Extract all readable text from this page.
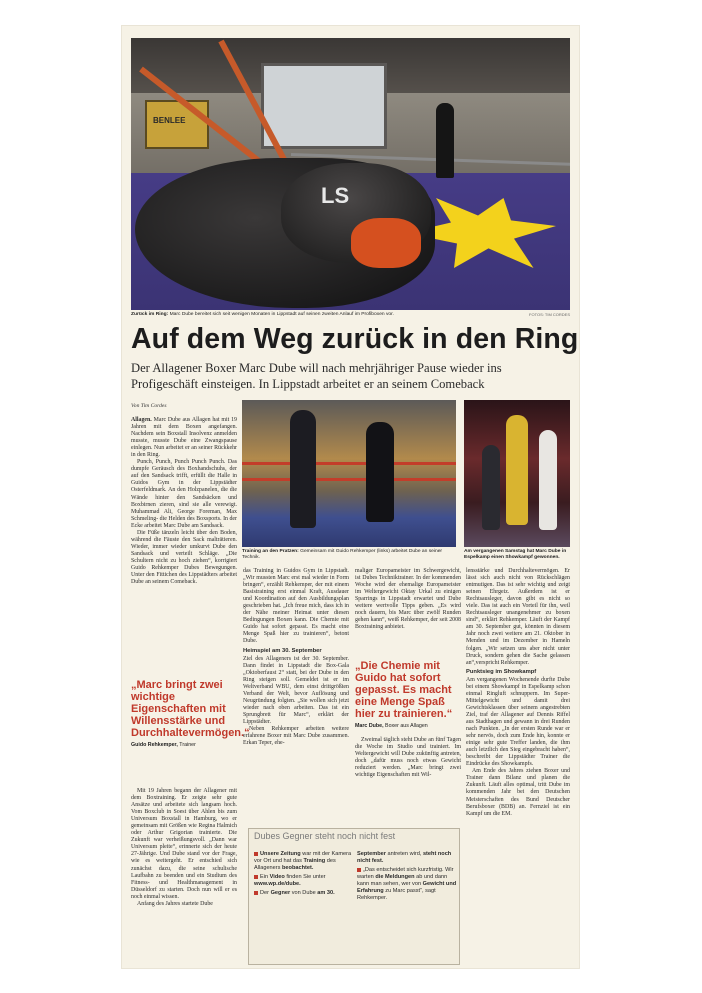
BENLEE
LS
Zurück im Ring: Marc Dube bereitet sich seit wenigen Monaten in Lippstadt auf seinen zweiten Anlauf im Profiboxen vor.	FOTOS: TIM CORDES
Auf dem Weg zurück in den Ring
Der Allagener Boxer Marc Dube will nach mehrjähriger Pause wieder ins Profigeschäft einsteigen. In Lippstadt arbeitet er an seinem Comeback
Von Tim Cordes

Allagen. Marc Dube aus Allagen hat mit 19 Jahren mit dem Boxen angefangen. Nachdem sein Boxstall Insolvenz anmelden musste, musste Dube eine Zwangspause einlegen. Nun arbeitet er an seiner Rückkehr in den Ring.

Punch, Punch, Punch Punch Punch. Das dumpfe Geräusch des Boxhandschuhs, der auf den Sandsack trifft, erfüllt die Halle in Guidos Gym in der Lippstädter Osterfeldmark. An den Holzpanelen, die die Wände hinter den Sandsäcken und Boxbirnen zieren, sind sie alle verewigt. Muhammad Ali, George Foreman, Max Schmeling- die Helden des Boxsports. In der Ecke arbeitet Marc Dube am Sandsack.

Die Füße tänzeln leicht über den Boden, während die Fäuste den Sack malträtieren. Wieder, immer wieder umkurvt Dube den Sandsack und verteilt Schläge. „Die Schultern nicht zu hoch ziehen“, korrigiert Guido Rehkemper Dubes Bewegungen. Unter den Fittichen des Lippstädters arbeitet Dube an seinem Comeback.

„Marc bringt zwei wichtige Eigenschaften mit Willensstärke und Durchhaltevermögen.“
Guido Rehkemper, Trainer

Mit 19 Jahren begann der Allagener mit dem Boxtraining. Er zeigte sehr gute Ansätze und arbeitete sich langsam hoch. Vom Boxclub in Soest über Ahlen bis zum Universum Boxstall in Hamburg, wo er gemeinsam mit Größen wie Regina Halmich oder Arthur Grigorian trainierte. Die Zukunft war verheißungsvoll. „Dann war Universum pleite“, erinnerte sich der heute 27-Jährige. Und Dube stand vor der Frage, wie es weitergeht. Er entschied sich zunächst dazu, die seine schulische Laufbahn zu beenden und ein Studium des Fitness- und Healthmanagement in Düsseldorf zu starten. Doch nun will er es noch einmal wissen.

Anfang des Jahres startete Dube

Training an den Pratzen: Gemeinsam mit Guido Rehkemper (links) arbeitet Dube an seiner Technik.
Am vergangenen Samstag hat Marc Dube in Espelkamp einen Showkampf gewonnen.

das Training in Guidos Gym in Lippstadt. „Wir mussten Marc erst mal wieder in Form bringen“, erzählt Rehkemper, der mit einem Basistraining erst einmal Kraft, Ausdauer und Koordination auf den Ausbildungsplan geschrieben hat. „Ich freue mich, dass ich in der Nähe meiner Heimat unter diesen Bedingungen Boxen kann. Die Chemie mit Guido hat sofort gepasst. Es macht eine Menge Spaß hier zu trainieren“, betont Dube.

Heimspiel am 30. September

Ziel des Allageners ist der 30. September. Dann findet in Lippstadt die Box-Gala „Oktoberfaust 2“ statt, bei der Dube in den Ring steigen soll. Gemeldet ist er im Weltverband WBU, dem einst drittgrößten Verband der Welt, bevor Auflösung und Neugründung folgten. „Sie wollen sich jetzt wieder nach oben arbeiten. Das ist ein Sprungbrett für Marc“, erklärt der Lippstädter.

Neben Rehkemper arbeiten weitere erfahrene Boxer mit Marc Dube zusammen. Erkan Teper, ehe-

maliger Europameister im Schwergewicht, ist Dubes Techniktrainer. In der kommenden Woche wird der ehemalige Europameister im Weltergewicht Oktay Urkal zu einigen Sparrings in Lippstadt erwartet und Dube weitere wertvolle Tipps geben. „Es wird noch dauern, bis Marc über zwölf Runden gehen kann“, weiß Rehkemper, der seit 2008 Boxtraining anbietet.

„Die Chemie mit Guido hat sofort gepasst. Es macht eine Menge Spaß hier zu trainieren.“
Marc Dube, Boxer aus Allagen

Zweimal täglich steht Dube an fünf Tagen die Woche im Studio und trainiert. Im Weltergewicht will Dube zukünftig antreten, doch „dafür muss noch etwas Gewicht reduziert werden. „Marc bringt zwei wichtige Eigenschaften mit Wil-

lensstärke und Durchhaltevermögen. Er lässt sich auch nicht von Rückschlägen entmutigen. Das ist sehr wichtig und zeigt seinen Ehrgeiz. Außerdem ist er Rechtsausleger, davon gibt es nicht so viele. Das ist auch ein Vorteil für ihn, weil Rechtsausleger unangenehmer zu boxen sind“, erklärt Rehkemper. Läuft der Kampf am 30. September gut, könnten in diesem Jahr noch zwei weitere am 21. Oktober in Menden und im Dezember in Hameln folgen. „Wir setzen uns aber nicht unter Druck, sondern gehen die Sache gelassen an“,verspricht Rehkemper.

Punktsieg im Showkampf

Am vergangenen Wochenende durfte Dube bei einem Showkampf in Espelkamp schon einmal Ringluft schnuppern. Im Super-Mittelgewicht und damit drei Gewichtsklassen über seinem angestrebten Ziel, traf der Allagener auf Dennis Riffel aus Stadthagen und gewann in drei Runden nach Punkten. „In der ersten Runde war er sehr nervös, doch zum Ende hin, konnte er einige sehr gute Treffer landen, die ihm auch letztlich den Sieg eingebracht haben“, beschreibt der Lippstädter Trainer die Eindrücke des Showkampfs.

Am Ende des Jahres ziehen Boxer und Trainer dann Bilanz und planen die Zukunft. Läuft alles optimal, tritt Dube im kommenden Jahr bei den Deutschen Meisterschaften des Bund Deutscher Berufsboxer (BDB) an. Fernziel ist ein Kampf um die EM.

Dubes Gegner steht noch nicht fest

Unsere Zeitung war mit der Kamera vor Ort und hat das Training des Allageners beobachtet.

Ein Video finden Sie unter www.wp.de/dube.

Der Gegner von Dube am 30.

September antreten wird, steht noch nicht fest.

„Das entscheidet sich kurzfristig. Wir warten die Meldungen ab und dann kann man sehen, wer von Gewicht und Erfahrung zu Marc passt“, sagt Rehkemper.
